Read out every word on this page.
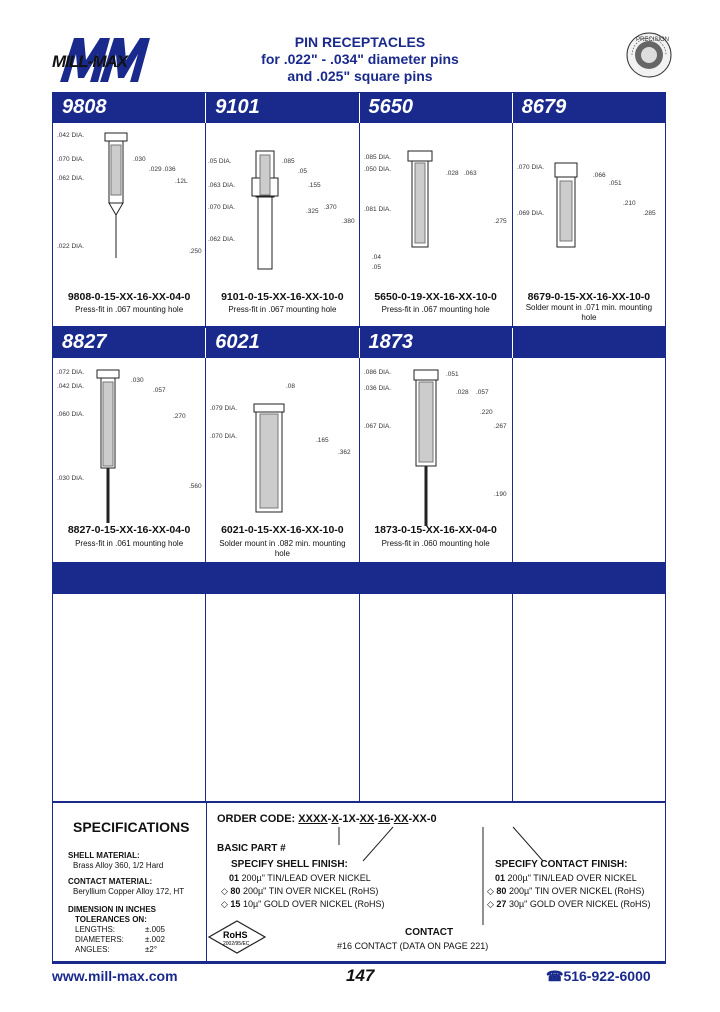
MILL-MAX
PIN RECEPTACLES
for .022" - .034" diameter pins
and .025" square pins
PRECISION
9808	9101	5650	8679
.042 DIA.
.070 DIA.
.062 DIA.
.022 DIA.
.030
.029 .036
.12L
.250
9808-0-15-XX-16-XX-04-0
Press-fit in .067 mounting hole
.05 DIA.
.063 DIA.
.070 DIA.
.062 DIA.
.085
.05
.155
.325
.370
.380
9101-0-15-XX-16-XX-10-0
Press-fit in .067 mounting hole
.085 DIA.
.050 DIA.
.081 DIA.
.028 .063
.275
.04
.05
5650-0-19-XX-16-XX-10-0
Press-fit in .067 mounting hole
.070 DIA.
.069 DIA.
.066
.051
.210
.285
8679-0-15-XX-16-XX-10-0
Solder mount in .071 min. mounting hole
8827	6021	1873
.072 DIA.
.042 DIA.
.060 DIA.
.030 DIA.
.030
.057
.270
.560
8827-0-15-XX-16-XX-04-0
Press-fit in .061 mounting hole
.079 DIA.
.070 DIA.
.08
.165
.362
6021-0-15-XX-16-XX-10-0
Solder mount in .082 min. mounting hole
.086 DIA.
.036 DIA.
.067 DIA.
.051
.028 .057
.220
.267
.190
1873-0-15-XX-16-XX-04-0
Press-fit in .060 mounting hole
SPECIFICATIONS
SHELL MATERIAL:
Brass Alloy 360, 1/2 Hard
CONTACT MATERIAL:
Beryllium Copper Alloy 172, HT
DIMENSION IN INCHES
TOLERANCES ON:
LENGTHS:	±.005
DIAMETERS:	±.002
ANGLES:	±2°
ORDER CODE: XXXX-X-1X-XX-16-XX-XX-0
BASIC PART #
SPECIFY SHELL FINISH:
01 200µ" TIN/LEAD OVER NICKEL
◇ 80 200µ" TIN OVER NICKEL (RoHS)
◇ 15 10µ" GOLD OVER NICKEL (RoHS)
SPECIFY CONTACT FINISH:
01 200µ" TIN/LEAD OVER NICKEL
◇ 80 200µ" TIN OVER NICKEL (RoHS)
◇ 27 30µ" GOLD OVER NICKEL (RoHS)
RoHS
2002/95/EC
CONTACT
#16 CONTACT (DATA ON PAGE 221)
www.mill-max.com	147	☎516-922-6000
